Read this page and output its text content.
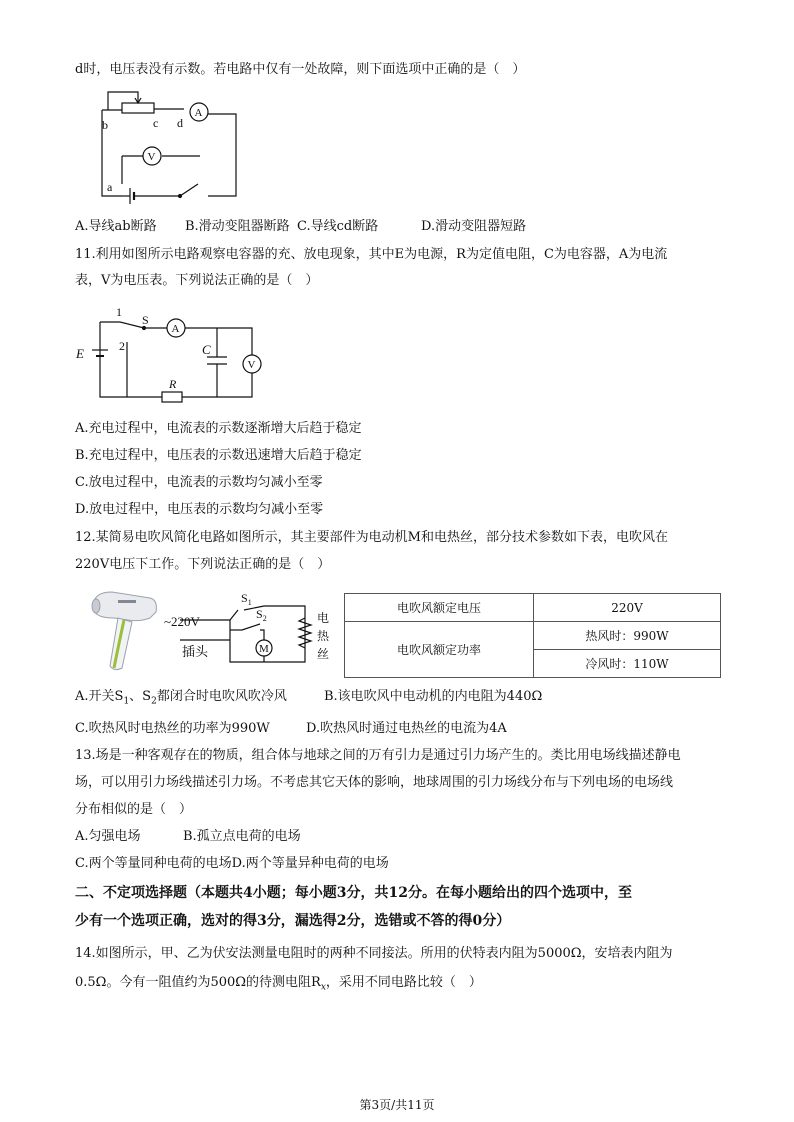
d时，电压表没有示数。若电路中仅有一处故障，则下面选项中正确的是（　）
b	c d
a
A
V
A.导线ab断路 B.滑动变阻器断路 C.导线cd断路	D.滑动变阻器短路
11.利用如图所示电路观察电容器的充、放电现象，其中E为电源，R为定值电阻，C为电容器，A为电流
表，V为电压表。下列说法正确的是（　）
1
2
S
E	C
R
A
V
A.充电过程中，电流表的示数逐渐增大后趋于稳定
B.充电过程中，电压表的示数迅速增大后趋于稳定
C.放电过程中，电流表的示数均匀减小至零
D.放电过程中，电压表的示数均匀减小至零
12.某简易电吹风简化电路如图所示，其主要部件为电动机M和电热丝，部分技术参数如下表，电吹风在
220V电压下工作。下列说法正确的是（　）
~220V
插头
$S_1$
$S_2$
M
电
热
丝
电吹风额定电压	220V
电吹风额定功率	热风时：990W
	冷风时：110W
A.开关$S_1$、$S_2$都闭合时电吹风吹冷风	B.该电吹风中电动机的内电阻为440Ω
C.吹热风时电热丝的功率为990W	D.吹热风时通过电热丝的电流为4A
13.场是一种客观存在的物质，组合体与地球之间的万有引力是通过引力场产生的。类比用电场线描述静电
场，可以用引力场线描述引力场。不考虑其它天体的影响，地球周围的引力场线分布与下列电场的电场线
分布相似的是（　）
A.匀强电场	B.孤立点电荷的电场
C.两个等量同种电荷的电场D.两个等量异种电荷的电场
二、不定项选择题（本题共4小题；每小题3分，共12分。在每小题给出的四个选项中，至
少有一个选项正确，选对的得3分，漏选得2分，选错或不答的得0分）
14.如图所示，甲、乙为伏安法测量电阻时的两种不同接法。所用的伏特表内阻为5000Ω，安培表内阻为
0.5Ω。今有一阻值约为500Ω的待测电阻$R_x$，采用不同电路比较（　）
第3页/共11页
